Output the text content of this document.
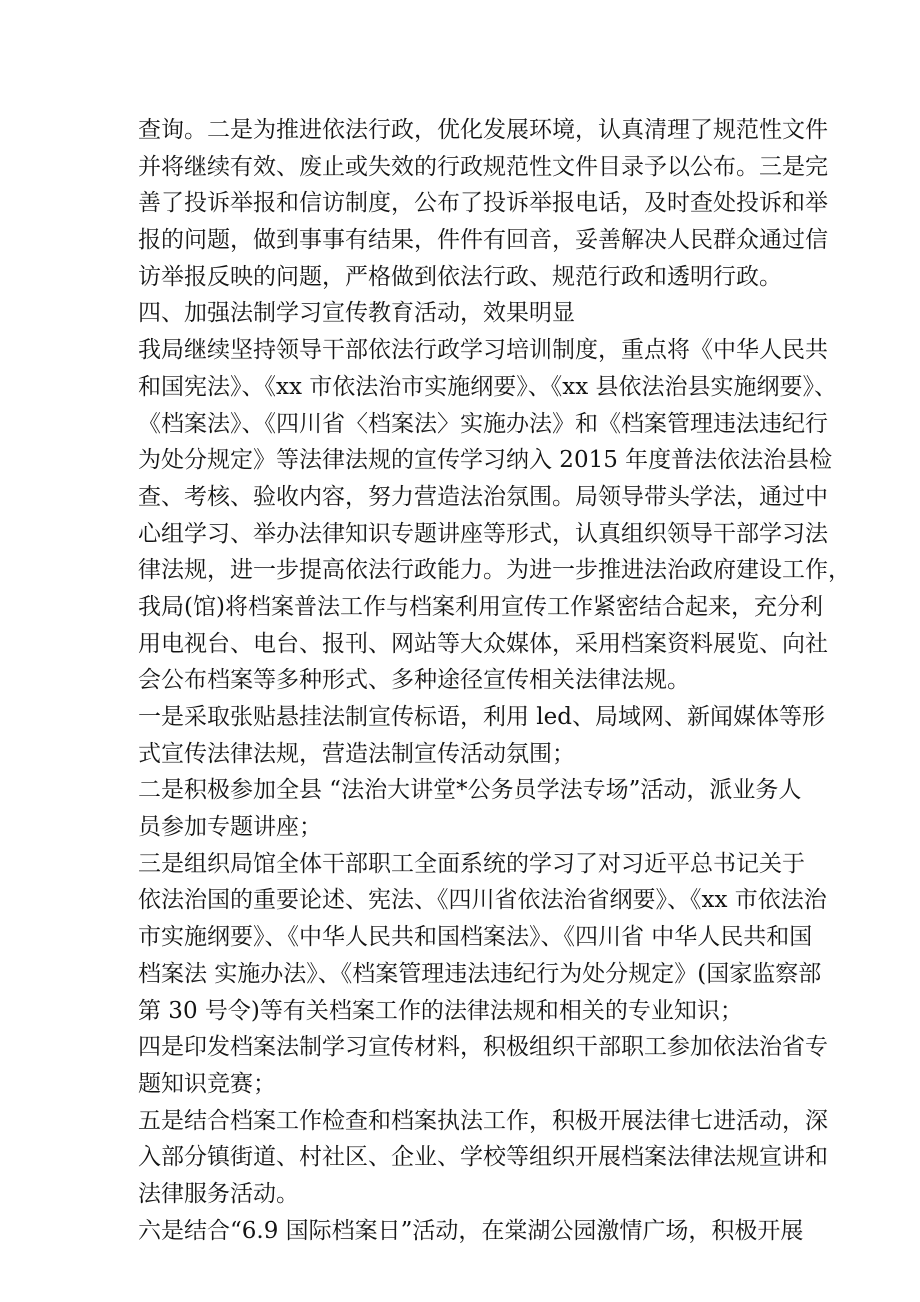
查询。二是为推进依法行政，优化发展环境，认真清理了规范性文件
并将继续有效、废止或失效的行政规范性文件目录予以公布。三是完
善了投诉举报和信访制度，公布了投诉举报电话，及时查处投诉和举
报的问题，做到事事有结果，件件有回音，妥善解决人民群众通过信
访举报反映的问题，严格做到依法行政、规范行政和透明行政。
四、加强法制学习宣传教育活动，效果明显
我局继续坚持领导干部依法行政学习培训制度，重点将《中华人民共
和国宪法》、《xx 市依法治市实施纲要》、《xx 县依法治县实施纲要》、
《档案法》、《四川省〈档案法〉实施办法》和《档案管理违法违纪行
为处分规定》等法律法规的宣传学习纳入 2015 年度普法依法治县检
查、考核、验收内容，努力营造法治氛围。局领导带头学法，通过中
心组学习、举办法律知识专题讲座等形式，认真组织领导干部学习法
律法规，进一步提高依法行政能力。为进一步推进法治政府建设工作，
我局(馆)将档案普法工作与档案利用宣传工作紧密结合起来，充分利
用电视台、电台、报刊、网站等大众媒体，采用档案资料展览、向社
会公布档案等多种形式、多种途径宣传相关法律法规。
一是采取张贴悬挂法制宣传标语，利用 led、局域网、新闻媒体等形
式宣传法律法规，营造法制宣传活动氛围；
二是积极参加全县 “法治大讲堂*公务员学法专场”活动，派业务人
员参加专题讲座；
三是组织局馆全体干部职工全面系统的学习了对习近平总书记关于
依法治国的重要论述、宪法、《四川省依法治省纲要》、《xx 市依法治
市实施纲要》、《中华人民共和国档案法》、《四川省 中华人民共和国
档案法 实施办法》、《档案管理违法违纪行为处分规定》(国家监察部
第 30 号令)等有关档案工作的法律法规和相关的专业知识；
四是印发档案法制学习宣传材料，积极组织干部职工参加依法治省专
题知识竞赛；
五是结合档案工作检查和档案执法工作，积极开展法律七进活动，深
入部分镇街道、村社区、企业、学校等组织开展档案法律法规宣讲和
法律服务活动。
六是结合“6.9 国际档案日”活动，在棠湖公园激情广场，积极开展
